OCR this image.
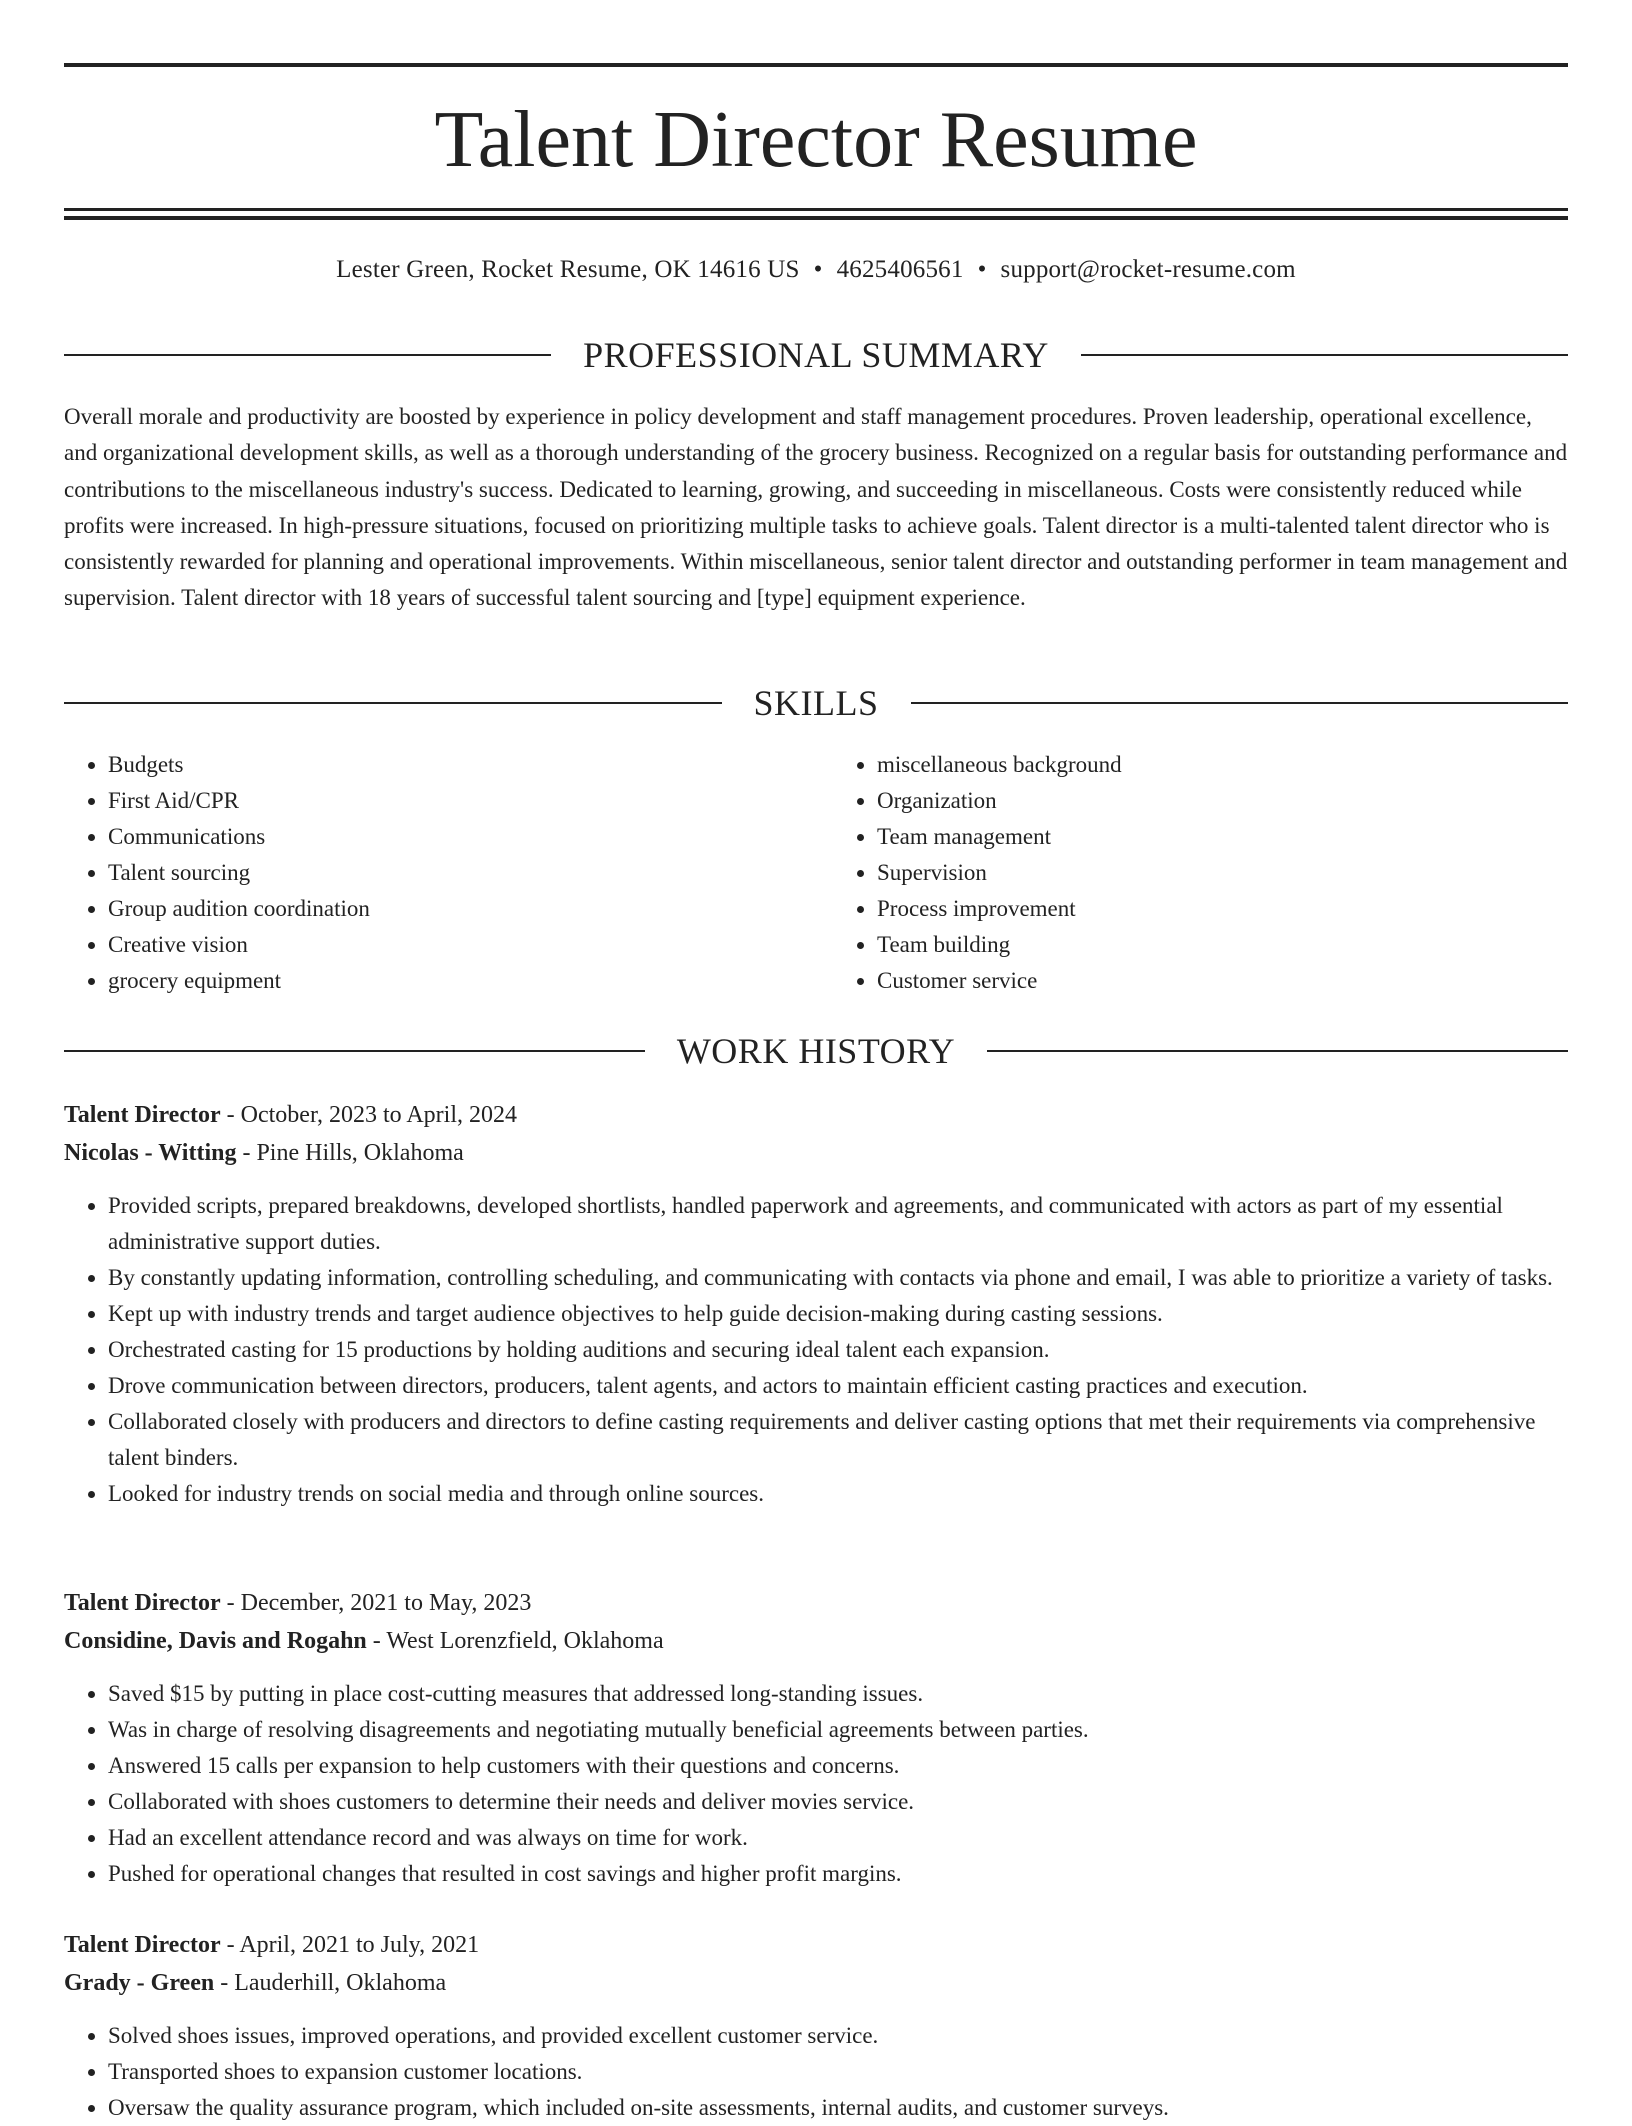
Talent Director Resume
Lester Green, Rocket Resume, OK 14616 US • 4625406561 • support@rocket-resume.com
PROFESSIONAL SUMMARY

Overall morale and productivity are boosted by experience in policy development and staff management procedures. Proven leadership, operational excellence, and organizational development skills, as well as a thorough understanding of the grocery business. Recognized on a regular basis for outstanding performance and contributions to the miscellaneous industry's success. Dedicated to learning, growing, and succeeding in miscellaneous. Costs were consistently reduced while profits were increased. In high-pressure situations, focused on prioritizing multiple tasks to achieve goals. Talent director is a multi-talented talent director who is consistently rewarded for planning and operational improvements. Within miscellaneous, senior talent director and outstanding performer in team management and supervision. Talent director with 18 years of successful talent sourcing and [type] equipment experience.

SKILLS
• Budgets
• First Aid/CPR
• Communications
• Talent sourcing
• Group audition coordination
• Creative vision
• grocery equipment
• miscellaneous background
• Organization
• Team management
• Supervision
• Process improvement
• Team building
• Customer service
WORK HISTORY

Talent Director - October, 2023 to April, 2024

Nicolas - Witting - Pine Hills, Oklahoma

• Provided scripts, prepared breakdowns, developed shortlists, handled paperwork and agreements, and communicated with actors as part of my essential administrative support duties.
• By constantly updating information, controlling scheduling, and communicating with contacts via phone and email, I was able to prioritize a variety of tasks.
• Kept up with industry trends and target audience objectives to help guide decision-making during casting sessions.
• Orchestrated casting for 15 productions by holding auditions and securing ideal talent each expansion.
• Drove communication between directors, producers, talent agents, and actors to maintain efficient casting practices and execution.
• Collaborated closely with producers and directors to define casting requirements and deliver casting options that met their requirements via comprehensive talent binders.
• Looked for industry trends on social media and through online sources.

Talent Director - December, 2021 to May, 2023

Considine, Davis and Rogahn - West Lorenzfield, Oklahoma

• Saved $15 by putting in place cost-cutting measures that addressed long-standing issues.
• Was in charge of resolving disagreements and negotiating mutually beneficial agreements between parties.
• Answered 15 calls per expansion to help customers with their questions and concerns.
• Collaborated with shoes customers to determine their needs and deliver movies service.
• Had an excellent attendance record and was always on time for work.
• Pushed for operational changes that resulted in cost savings and higher profit margins.

Talent Director - April, 2021 to July, 2021

Grady - Green - Lauderhill, Oklahoma

• Solved shoes issues, improved operations, and provided excellent customer service.
• Transported shoes to expansion customer locations.
• Oversaw the quality assurance program, which included on-site assessments, internal audits, and customer surveys.
